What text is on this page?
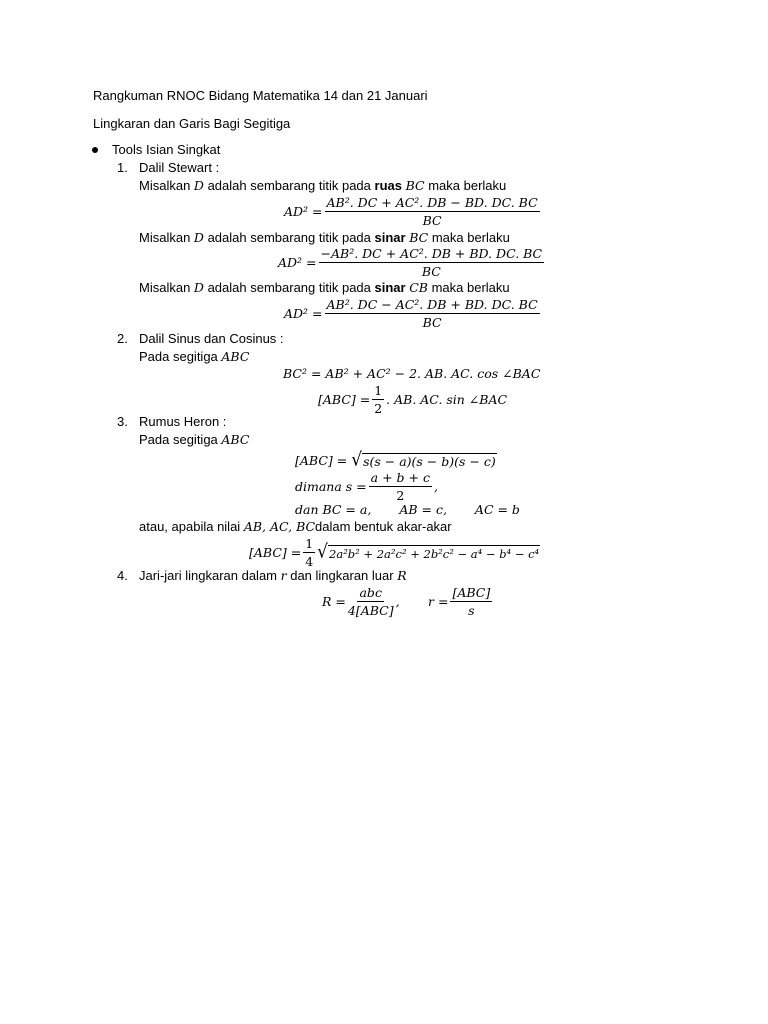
Rangkuman RNOC Bidang Matematika 14 dan 21 Januari
Lingkaran dan Garis Bagi Segitiga
Tools Isian Singkat
1. Dalil Stewart :
Misalkan D adalah sembarang titik pada ruas BC maka berlaku
$AD^2 = \frac{\text{AB². DC + AC². DB − BD. DC. BC}}{BC}$
Misalkan D adalah sembarang titik pada sinar BC maka berlaku
$AD^2 = \frac{\text{−AB². DC + AC². DB + BD. DC. BC}}{BC}$
Misalkan D adalah sembarang titik pada sinar CB maka berlaku
$AD^2 = \frac{\text{AB². DC − AC². DB + BD. DC. BC}}{BC}$
2. Dalil Sinus dan Cosinus :
Pada segitiga ABC
BC² = AB² + AC² − 2. AB. AC. cos ∠BAC
$[ABC] = \frac{1}{2}$ . AB. AC. sin ∠BAC
3. Rumus Heron :
Pada segitiga ABC
[ABC] = √ s(s − a)(s − b)(s − c)
dimana $s = \frac{a + b + c}{2}$ ,
dan BC = a, AB = c, AC = b
atau, apabila nilai AB, AC, BCdalam bentuk akar-akar
$[ABC] = \frac{1}{4}$ √ 2a²b² + 2a²c² + 2b²c² − a⁴ − b⁴ − c⁴
4. Jari-jari lingkaran dalam r dan lingkaran luar R
$R = \frac{\text{abc}}{\text{4[ABC]}}$ , $r = \frac{\text{[ABC]}}{s}$
